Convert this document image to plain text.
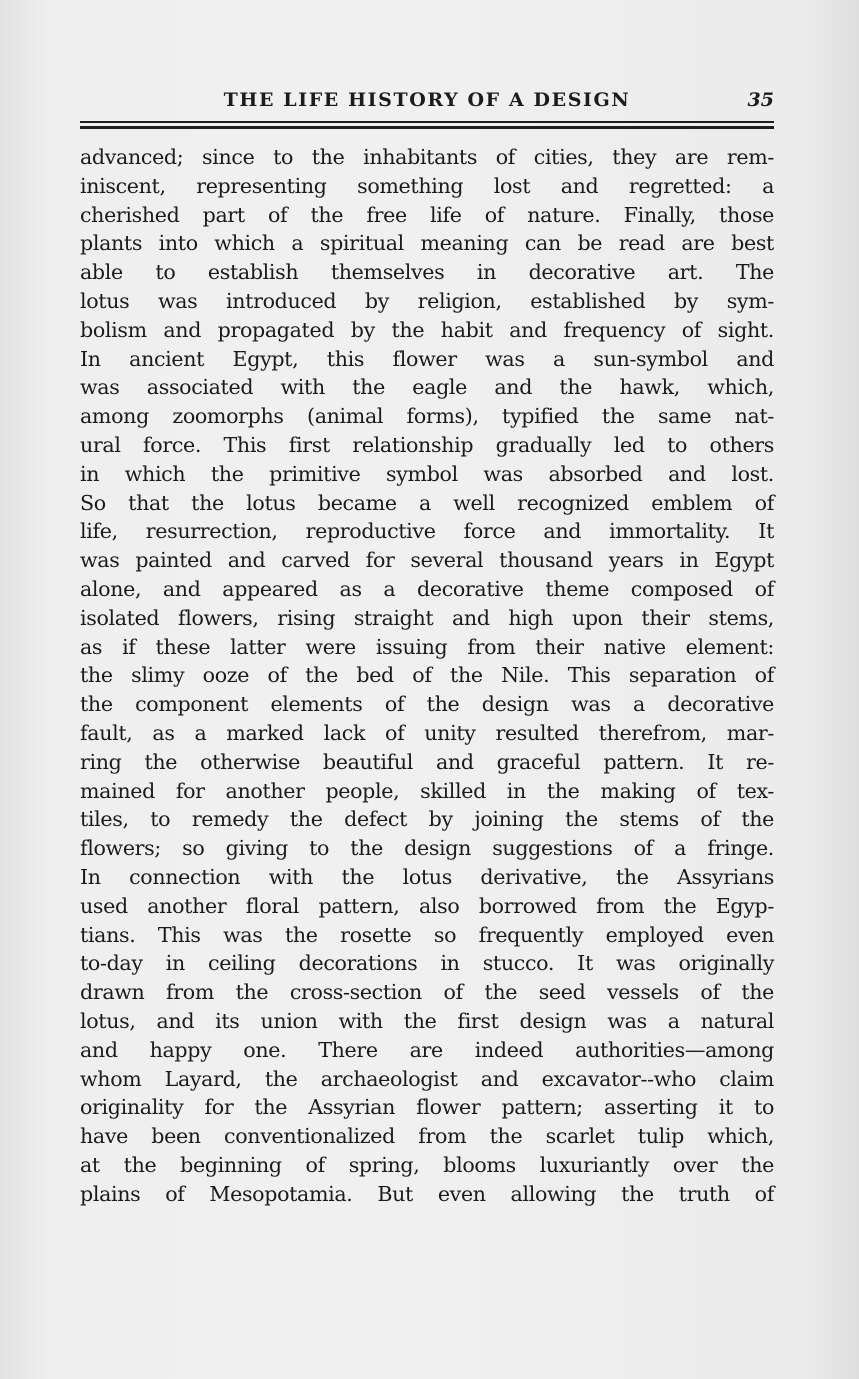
THE LIFE HISTORY OF A DESIGN	35
advanced; since to the inhabitants of cities, they are rem-
iniscent, representing something lost and regretted: a
cherished part of the free life of nature. Finally, those
plants into which a spiritual meaning can be read are best
able to establish themselves in decorative art. The
lotus was introduced by religion, established by sym-
bolism and propagated by the habit and frequency of sight.
In ancient Egypt, this flower was a sun-symbol and
was associated with the eagle and the hawk, which,
among zoomorphs (animal forms), typified the same nat-
ural force. This first relationship gradually led to others
in which the primitive symbol was absorbed and lost.
So that the lotus became a well recognized emblem of
life, resurrection, reproductive force and immortality. It
was painted and carved for several thousand years in Egypt
alone, and appeared as a decorative theme composed of
isolated flowers, rising straight and high upon their stems,
as if these latter were issuing from their native element:
the slimy ooze of the bed of the Nile. This separation of
the component elements of the design was a decorative
fault, as a marked lack of unity resulted therefrom, mar-
ring the otherwise beautiful and graceful pattern. It re-
mained for another people, skilled in the making of tex-
tiles, to remedy the defect by joining the stems of the
flowers; so giving to the design suggestions of a fringe.
In connection with the lotus derivative, the Assyrians
used another floral pattern, also borrowed from the Egyp-
tians. This was the rosette so frequently employed even
to-day in ceiling decorations in stucco. It was originally
drawn from the cross-section of the seed vessels of the
lotus, and its union with the first design was a natural
and happy one. There are indeed authorities—among
whom Layard, the archaeologist and excavator--who claim
originality for the Assyrian flower pattern; asserting it to
have been conventionalized from the scarlet tulip which,
at the beginning of spring, blooms luxuriantly over the
plains of Mesopotamia. But even allowing the truth of
